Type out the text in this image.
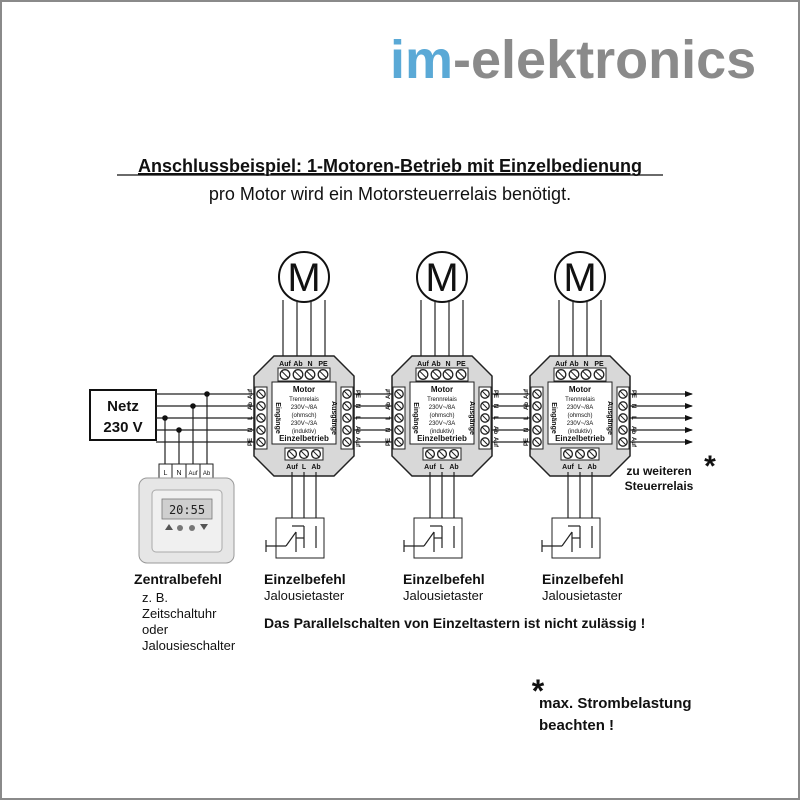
im-elektronics
Anschlussbeispiel: 1-Motoren-Betrieb mit Einzelbedienung
pro Motor wird ein Motorsteuerrelais benötigt.
Netz
230 V
L N Auf Ab
20:55
Zentralbefehl
z. B.
Zeitschaltuhr
oder
Jalousieschalter
M
Auf Ab N PE
Motor
Trennrelais
230V~/8A
(ohmsch)
230V~/3A
(induktiv)
Einzelbetrieb
Auf
Ab
L
N
PE
Eingänge
PE
N
L
Ab
Auf
Ausgänge
Auf L Ab
M
Auf Ab N PE
Motor
Trennrelais
230V~/8A
(ohmsch)
230V~/3A
(induktiv)
Einzelbetrieb
Auf
Ab
L
N
PE
Eingänge
PE
N
L
Ab
Auf
Ausgänge
Auf L Ab
M
Auf Ab N PE
Motor
Trennrelais
230V~/8A
(ohmsch)
230V~/3A
(induktiv)
Einzelbetrieb
Auf
Ab
L
N
PE
Eingänge
PE
N
L
Ab
Auf
Ausgänge
Auf L Ab
Einzelbefehl
Jalousietaster
Einzelbefehl
Jalousietaster
Einzelbefehl
Jalousietaster
zu weiteren
Steuerrelais
*
Das Parallelschalten von Einzeltastern ist nicht zulässig !
*
max. Strombelastung
beachten !
